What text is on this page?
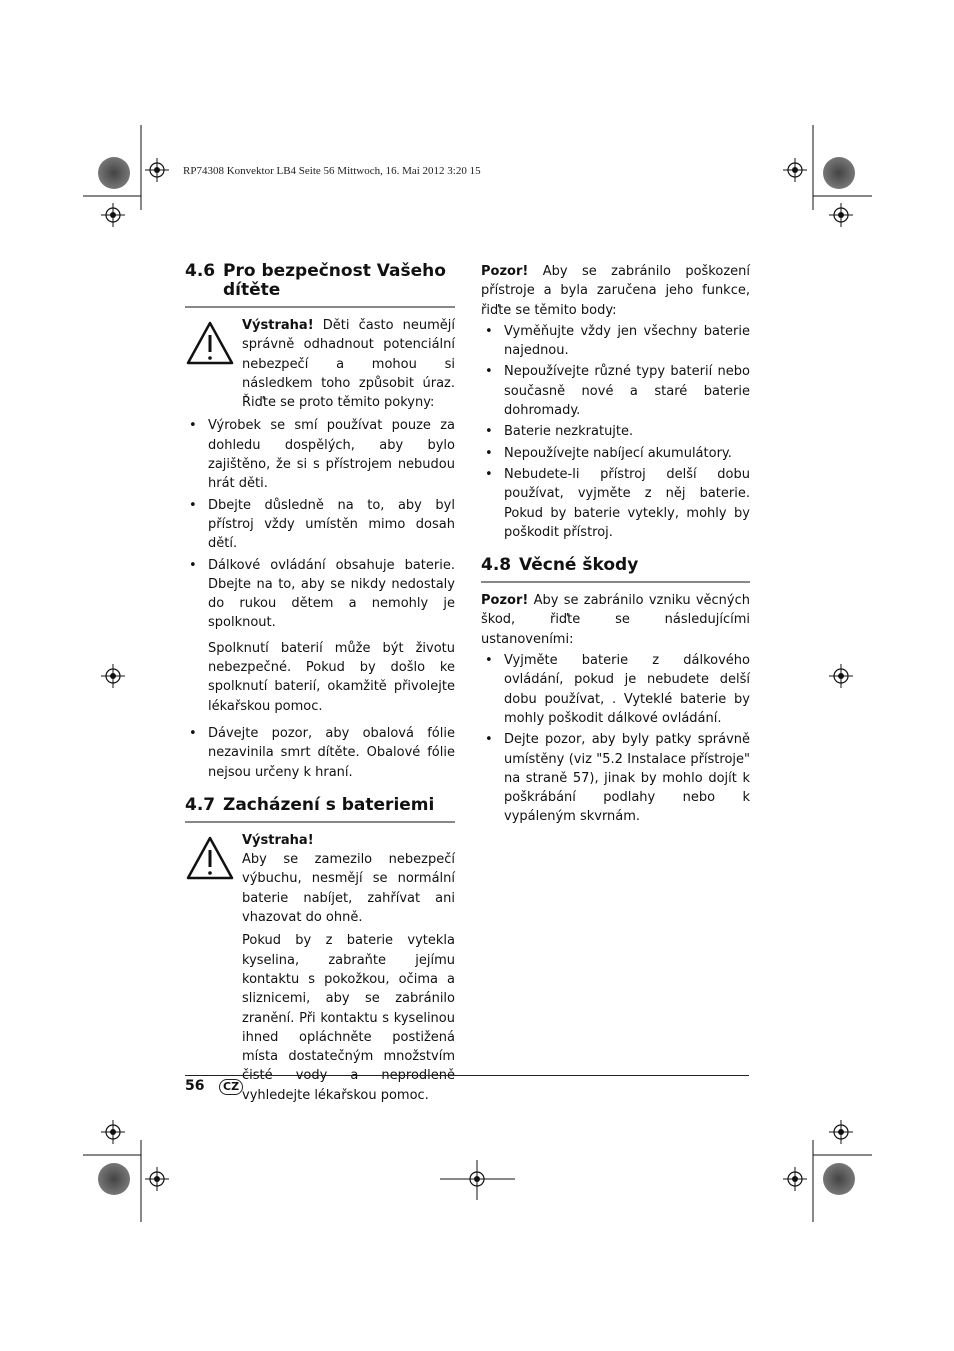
RP74308 Konvektor LB4 Seite 56 Mittwoch, 16. Mai 2012 3:20 15
4.6 Pro bezpečnost Vašeho dítěte

Výstraha! Děti často neumějí správně odhadnout potenciální nebezpečí a mohou si následkem toho způsobit úraz. Řiďte se proto těmito pokyny:

• Výrobek se smí používat pouze za dohledu dospělých, aby bylo zajištěno, že si s přístrojem nebudou hrát děti.
• Dbejte důsledně na to, aby byl přístroj vždy umístěn mimo dosah dětí.
• Dálkové ovládání obsahuje baterie. Dbejte na to, aby se nikdy nedostaly do rukou dětem a nemohly je spolknout.

Spolknutí baterií může být životu nebezpečné. Pokud by došlo ke spolknutí baterií, okamžitě přivolejte lékařskou pomoc.

• Dávejte pozor, aby obalová fólie nezavinila smrt dítěte. Obalové fólie nejsou určeny k hraní.
4.7 Zacházení s bateriemi

Výstraha!

Aby se zamezilo nebezpečí výbuchu, nesmějí se normální baterie nabíjet, zahřívat ani vhazovat do ohně.

Pokud by z baterie vytekla kyselina, zabraňte jejímu kontaktu s pokožkou, očima a sliznicemi, aby se zabránilo zranění. Při kontaktu s kyselinou ihned opláchněte postižená místa dostatečným množstvím vyhledejte lékařskou pomoc.

Pozor! Aby se zabránilo poškození přístroje a byla zaručena jeho funkce, řiďte se těmito body:

• Vyměňujte vždy jen všechny baterie najednou.
• Nepoužívejte různé typy baterií nebo současně nové a staré baterie dohromady.
• Baterie nezkratujte.
• Nepoužívejte nabíjecí akumulátory.
• Nebudete-li přístroj delší dobu používat, vyjměte z něj baterie. Pokud by baterie vytekly, mohly by poškodit přístroj.
4.8 Věcné škody

Pozor! Aby se zabránilo vzniku věcných škod, řiďte se následujícími ustanoveními:

• Vyjměte baterie z dálkového ovládání, pokud je nebudete delší dobu používat, . Vyteklé baterie by mohly poškodit dálkové ovládání.
• Dejte pozor, aby byly patky správně umístěny (viz "5.2 Instalace přístroje" na straně 57), jinak by mohlo dojít k poškrábání podlahy nebo k vypáleným skvrnám.
56	CZ
